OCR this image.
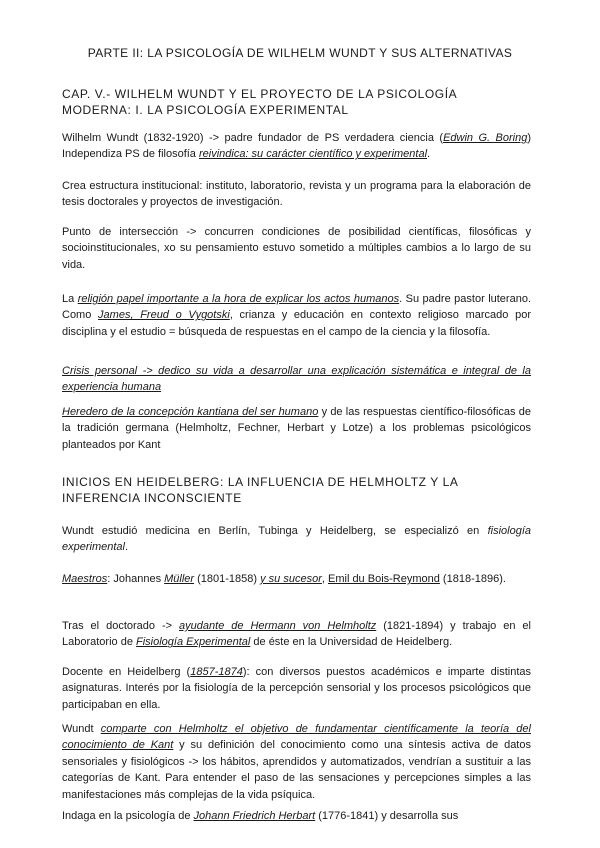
PARTE II: LA PSICOLOGÍA DE WILHELM WUNDT Y SUS ALTERNATIVAS
CAP. V.- WILHELM WUNDT Y EL PROYECTO DE LA PSICOLOGÍA
MODERNA: I. LA PSICOLOGÍA EXPERIMENTAL
Wilhelm Wundt (1832-1920) -> padre fundador de PS verdadera ciencia (Edwin G. Boring) Independiza PS de filosofía reivindica: su carácter científico y experimental.
Crea estructura institucional: instituto, laboratorio, revista y un programa para la elaboración de tesis doctorales y proyectos de investigación.
Punto de intersección -> concurren condiciones de posibilidad científicas, filosóficas y socioinstitucionales, xo su pensamiento estuvo sometido a múltiples cambios a lo largo de su vida.
La religión papel importante a la hora de explicar los actos humanos. Su padre pastor luterano. Como James, Freud o Vygotski, crianza y educación en contexto religioso marcado por disciplina y el estudio = búsqueda de respuestas en el campo de la ciencia y la filosofía.
Crisis personal -> dedico su vida a desarrollar una explicación sistemática e integral de la experiencia humana
Heredero de la concepción kantiana del ser humano y de las respuestas científico-filosóficas de la tradición germana (Helmholtz, Fechner, Herbart y Lotze) a los problemas psicológicos planteados por Kant
INICIOS EN HEIDELBERG: LA INFLUENCIA DE HELMHOLTZ Y LA
INFERENCIA INCONSCIENTE
Wundt estudió medicina en Berlín, Tubinga y Heidelberg, se especializó en fisiología experimental.
Maestros: Johannes Müller (1801-1858) y su sucesor, Emil du Bois-Reymond (1818-1896).
Tras el doctorado -> ayudante de Hermann von Helmholtz (1821-1894) y trabajo en el Laboratorio de Fisiología Experimental de éste en la Universidad de Heidelberg.
Docente en Heidelberg (1857-1874): con diversos puestos académicos e imparte distintas asignaturas. Interés por la fisiología de la percepción sensorial y los procesos psicológicos que participaban en ella.
Wundt comparte con Helmholtz el objetivo de fundamentar científicamente la teoría del conocimiento de Kant y su definición del conocimiento como una síntesis activa de datos sensoriales y fisiológicos -> los hábitos, aprendidos y automatizados, vendrían a sustituir a las categorías de Kant. Para entender el paso de las sensaciones y percepciones simples a las manifestaciones más complejas de la vida psíquica.
Indaga en la psicología de Johann Friedrich Herbart (1776-1841) y desarrolla sus
